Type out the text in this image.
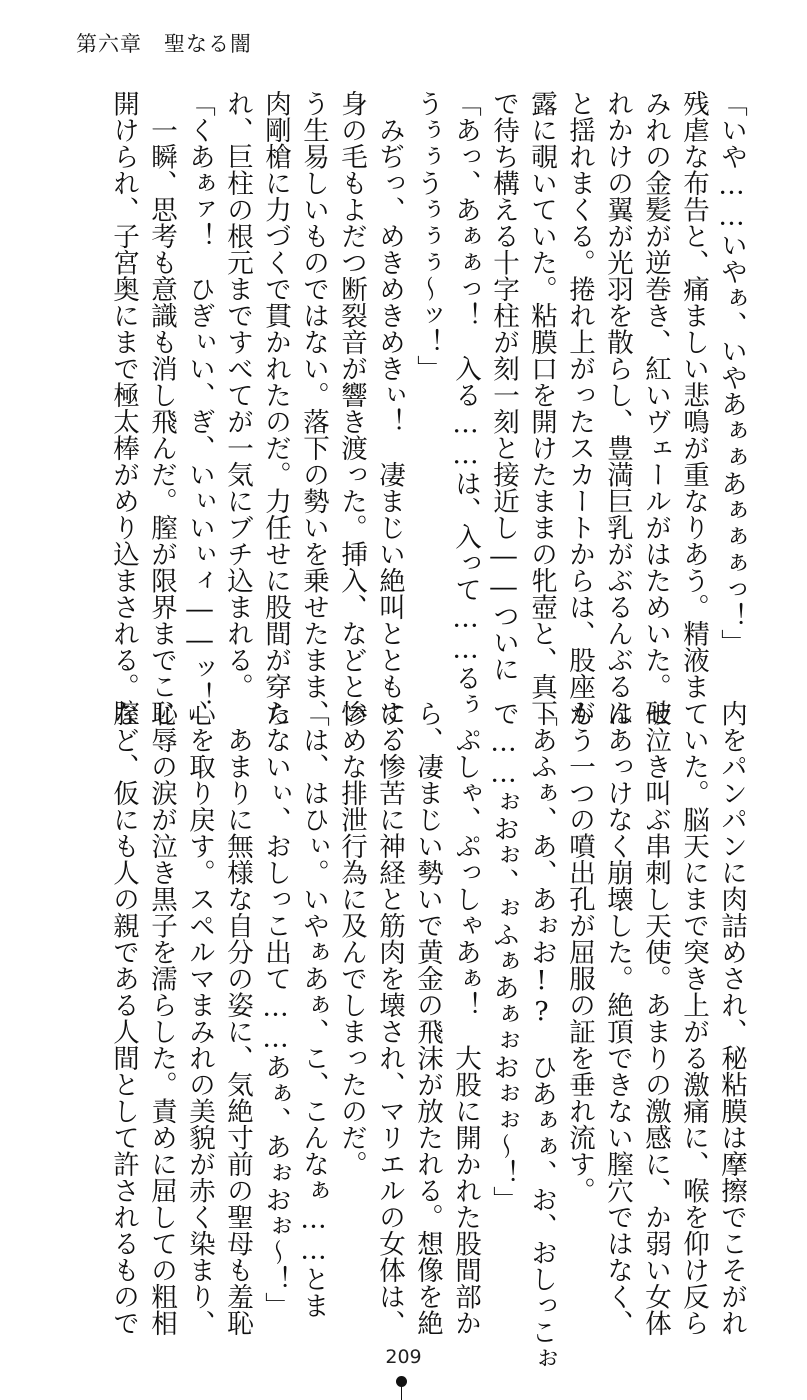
第六章　聖なる闇
「いや……いやぁ、いやあぁぁあぁぁぁっ！」
残虐な布告と、痛ましい悲鳴が重なりあう。精液ま
みれの金髪が逆巻き、紅いヴェールがはためいた。破
れかけの翼が光羽を散らし、豊満巨乳がぶるんぶるん
と揺れまくる。捲れ上がったスカートからは、股座が
露に覗いていた。粘膜口を開けたままの牝壺と、真下
で待ち構える十字柱が刻一刻と接近し――ついに
「あっ、あぁぁっ！　入る……は、入って……るぅ
うぅぅうぅぅぅ～ッ！」
　みぢっ、めきめきめきぃ！　凄まじい絶叫とともに、
身の毛もよだつ断裂音が響き渡った。挿入、などとい
う生易しいものではない。落下の勢いを乗せたまま、
肉剛槍に力づくで貫かれたのだ。力任せに股間が穿た
れ、巨柱の根元まですべてが一気にブチ込まれる。
「くあぁァ！　ひぎぃい、ぎ、いぃいぃィ――ッ！」
　一瞬、思考も意識も消し飛んだ。膣が限界までこじ
開けられ、子宮奥にまで極太棒がめり込まされる。膣
内をパンパンに肉詰めされ、秘粘膜は摩擦でこそがれ
ていた。脳天にまで突き上がる激痛に、喉を仰け反ら
せ泣き叫ぶ串刺し天使。あまりの激感に、か弱い女体
はあっけなく崩壊した。絶頂できない膣穴ではなく、
もう一つの噴出孔が屈服の証を垂れ流す。
「あふぁ、あ、あぉお!?　ひあぁぁ、お、おしっこぉ
で……ぉおぉ、ぉふぁあぁぉおぉぉ～！」
　ぷしゃ、ぷっしゃあぁ！　大股に開かれた股間部か
ら、凄まじい勢いで黄金の飛沫が放たれる。想像を絶
する惨苦に神経と筋肉を壊され、マリエルの女体は、
惨めな排泄行為に及んでしまったのだ。
「は、はひぃ。いやぁあぁ、こ、こんなぁ……とま
らないぃ、おしっこ出て……あぁ、あぉおぉ～！」
　あまりに無様な自分の姿に、気絶寸前の聖母も羞恥
心を取り戻す。スペルマまみれの美貌が赤く染まり、
恥辱の涙が泣き黒子を濡らした。責めに屈しての粗相
など、仮にも人の親である人間として許されるもので
209
